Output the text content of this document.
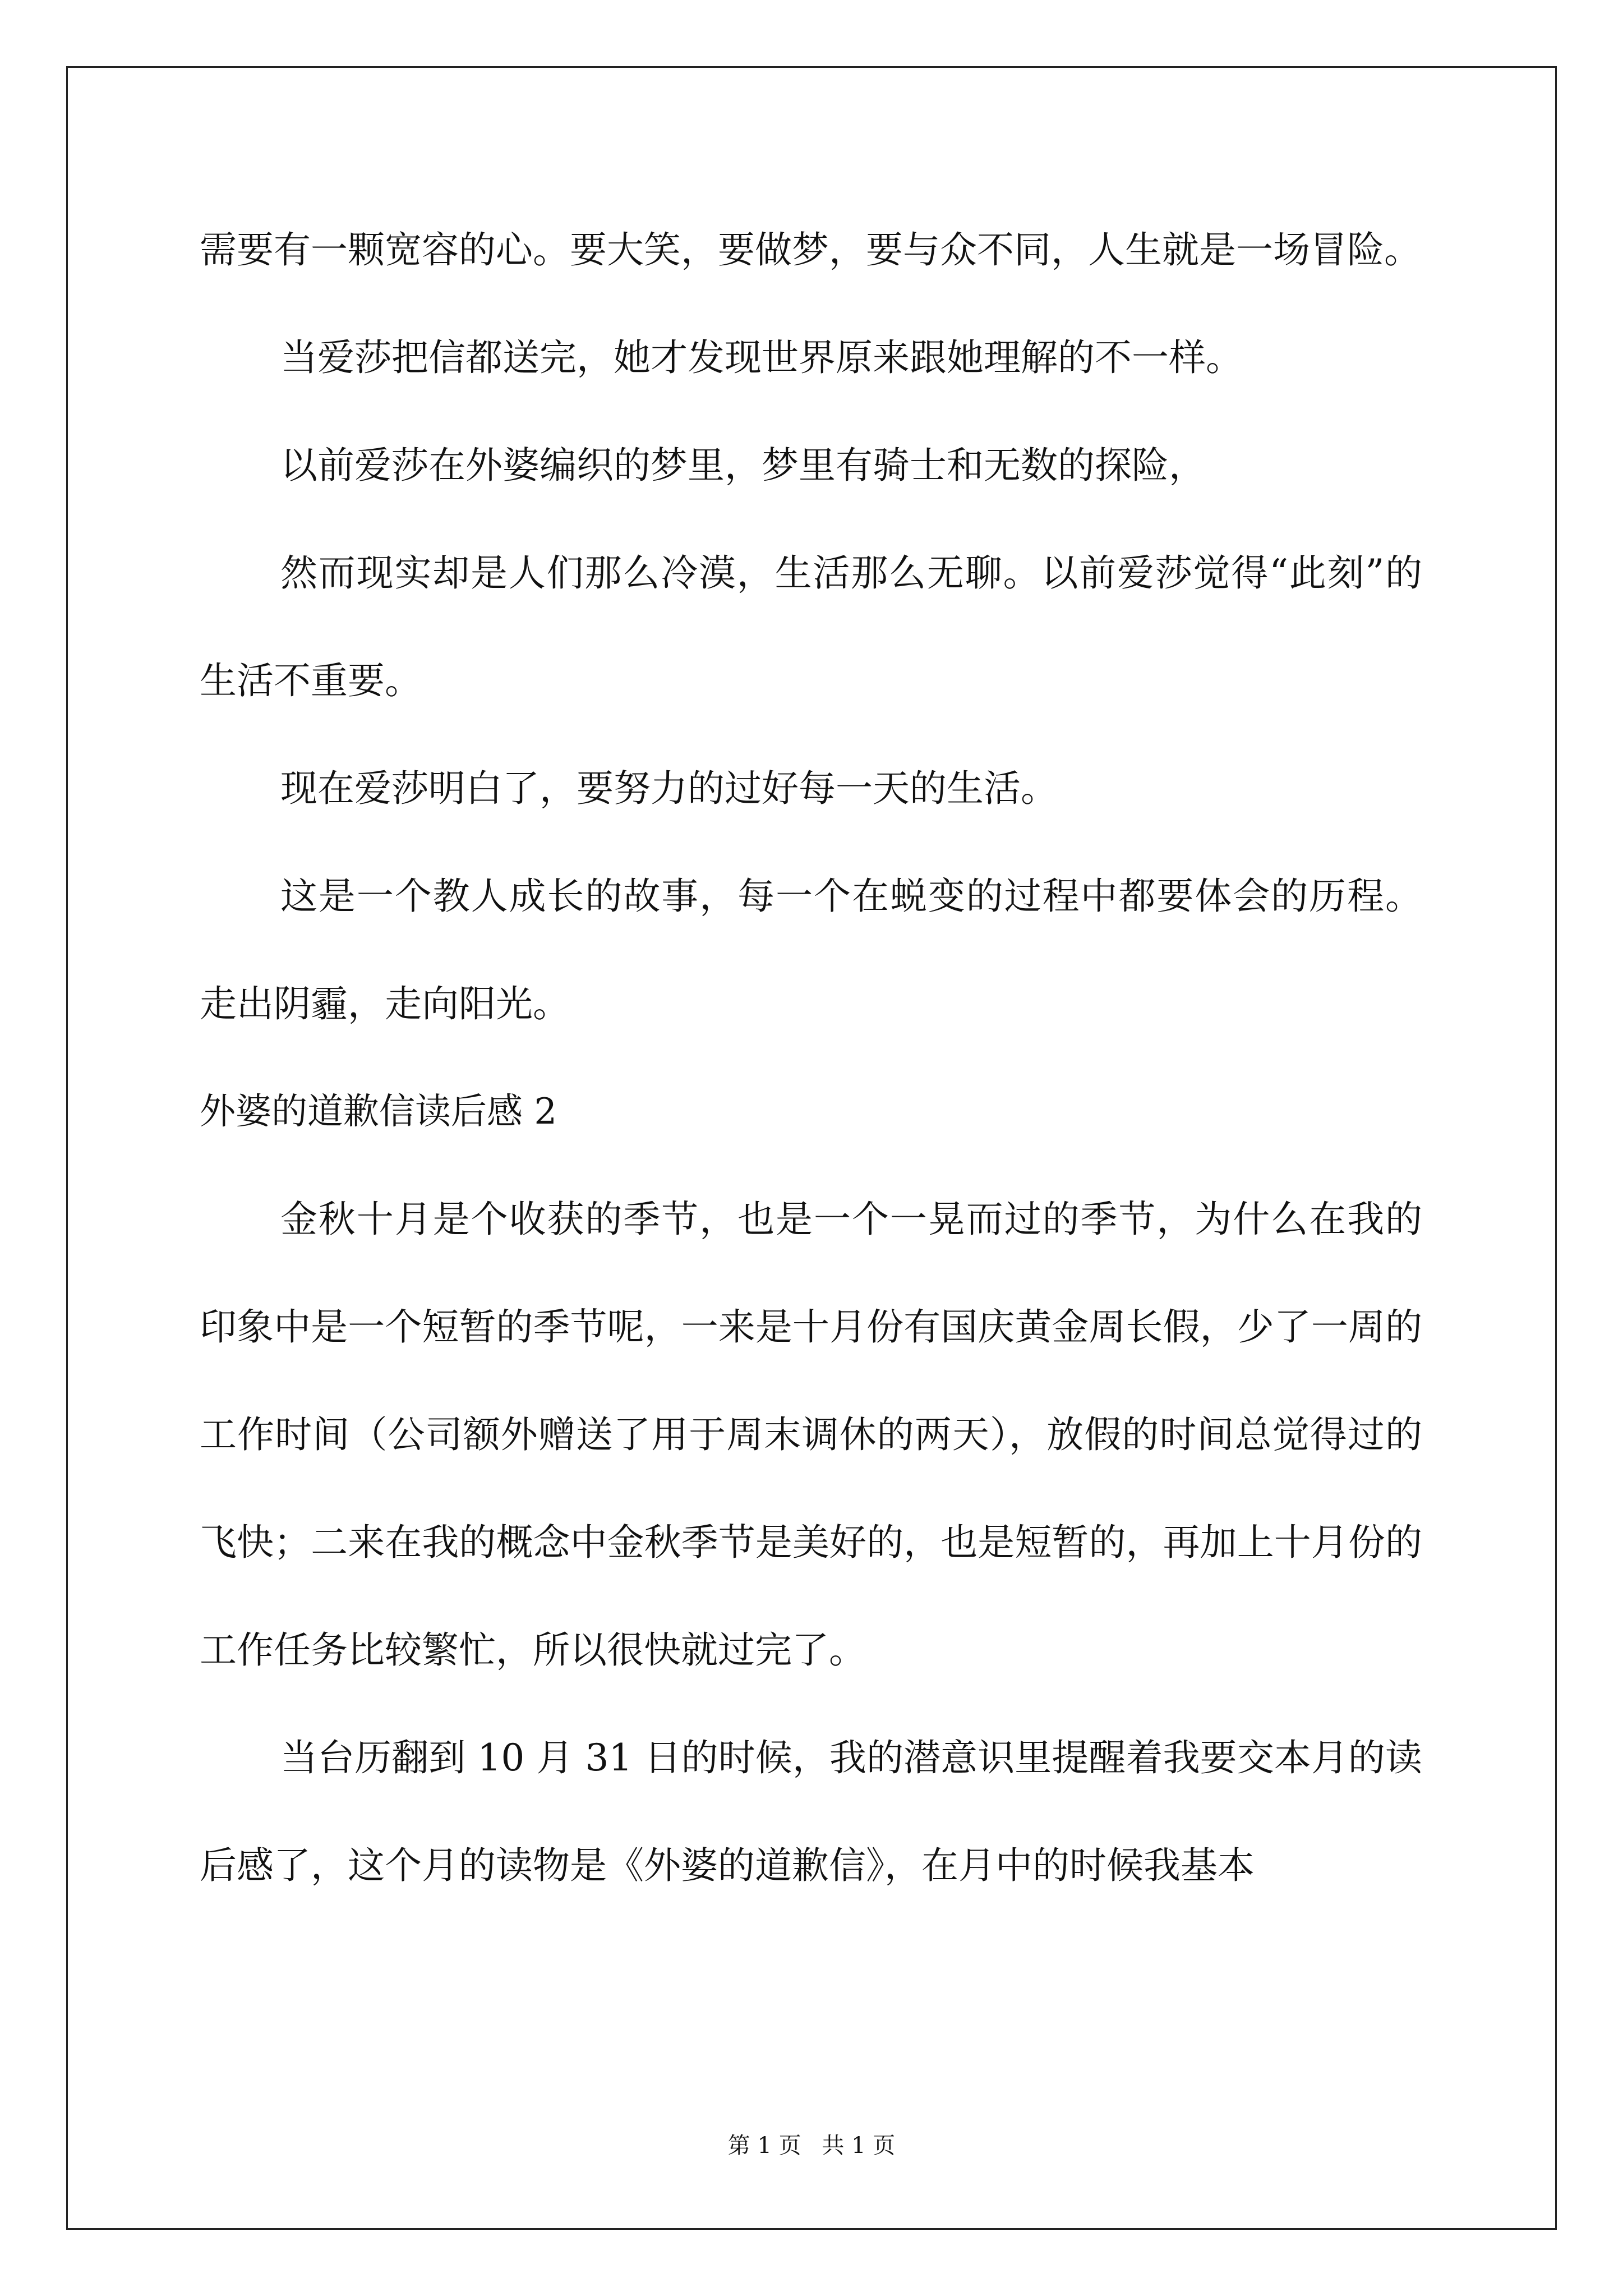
需要有一颗宽容的心。要大笑，要做梦，要与众不同，人生就是一场冒险。

当爱莎把信都送完，她才发现世界原来跟她理解的不一样。

以前爱莎在外婆编织的梦里，梦里有骑士和无数的探险，

然而现实却是人们那么冷漠，生活那么无聊。以前爱莎觉得“此刻”的生活不重要。

现在爱莎明白了，要努力的过好每一天的生活。

这是一个教人成长的故事，每一个在蜕变的过程中都要体会的历程。走出阴霾，走向阳光。

外婆的道歉信读后感 2

金秋十月是个收获的季节，也是一个一晃而过的季节，为什么在我的印象中是一个短暂的季节呢，一来是十月份有国庆黄金周长假，少了一周的工作时间（公司额外赠送了用于周末调休的两天），放假的时间总觉得过的飞快；二来在我的概念中金秋季节是美好的，也是短暂的，再加上十月份的工作任务比较繁忙，所以很快就过完了。

当台历翻到 10 月 31 日的时候，我的潜意识里提醒着我要交本月的读后感了，这个月的读物是《外婆的道歉信》，在月中的时候我基本

第 1 页 共 1 页
